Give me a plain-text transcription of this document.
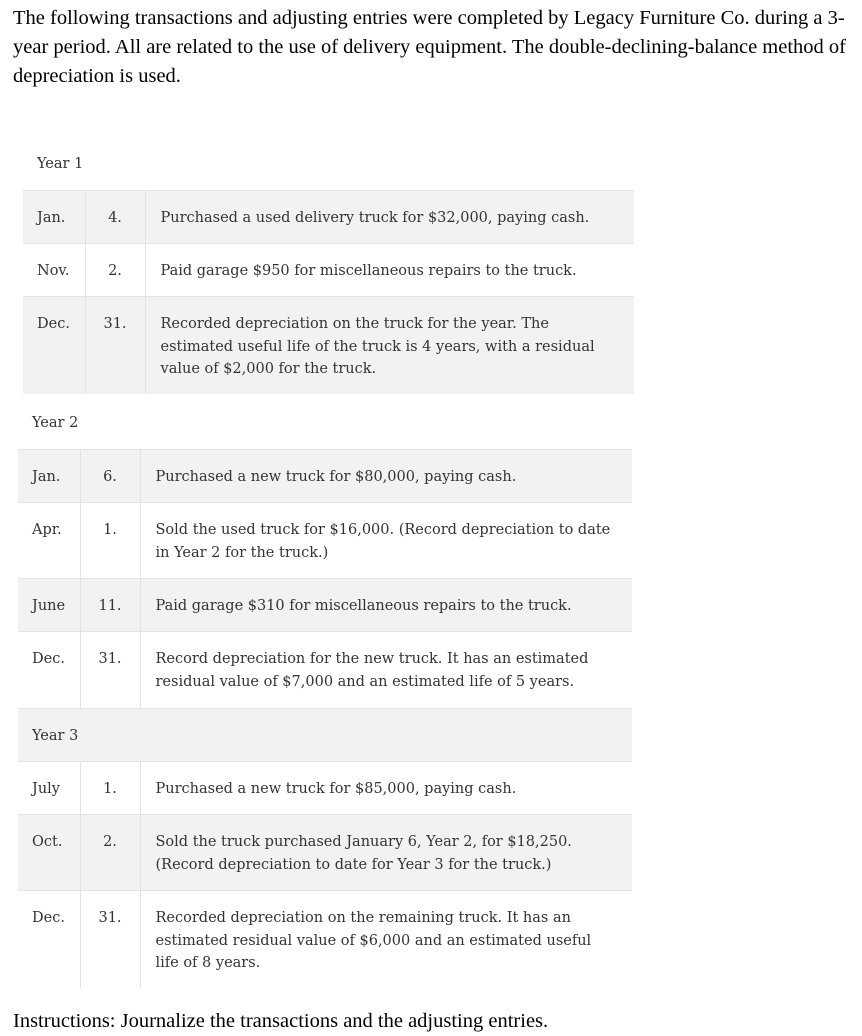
The following transactions and adjusting entries were completed by Legacy Furniture Co. during a 3-year period. All are related to the use of delivery equipment. The double-declining-balance method of depreciation is used.
Year 1
Jan.	4.	Purchased a used delivery truck for $32,000, paying cash.
Nov.	2.	Paid garage $950 for miscellaneous repairs to the truck.
Dec.	31.	Recorded depreciation on the truck for the year. The estimated useful life of the truck is 4 years, with a residual value of $2,000 for the truck.
Year 2
Jan.	6.	Purchased a new truck for $80,000, paying cash.
Apr.	1.	Sold the used truck for $16,000. (Record depreciation to date in Year 2 for the truck.)
June	11.	Paid garage $310 for miscellaneous repairs to the truck.
Dec.	31.	Record depreciation for the new truck. It has an estimated residual value of $7,000 and an estimated life of 5 years.
Year 3		
July	1.	Purchased a new truck for $85,000, paying cash.
Oct.	2.	Sold the truck purchased January 6, Year 2, for $18,250. (Record depreciation to date for Year 3 for the truck.)
Dec.	31.	Recorded depreciation on the remaining truck. It has an estimated residual value of $6,000 and an estimated useful life of 8 years.
Instructions: Journalize the transactions and the adjusting entries.
